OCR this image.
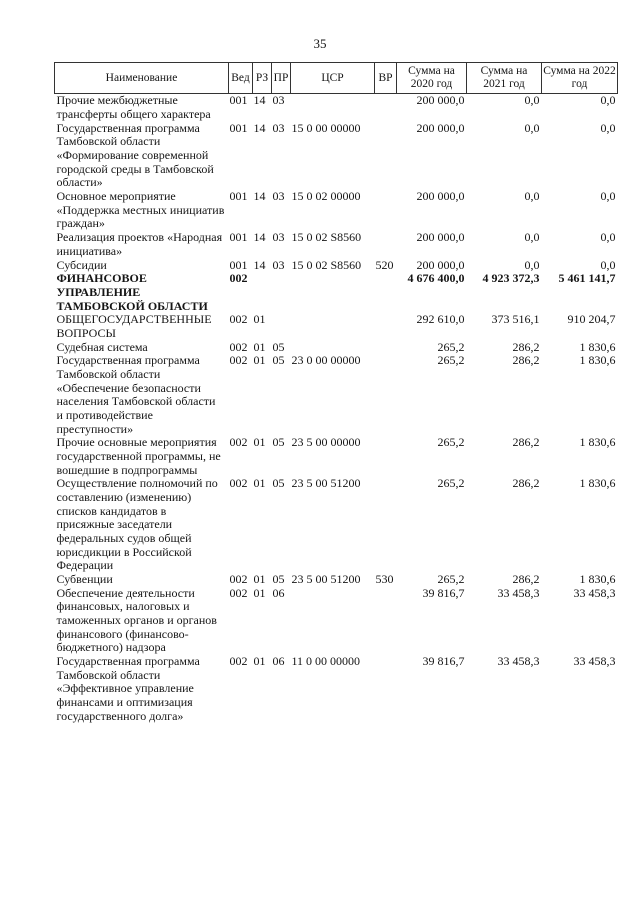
35
Наименование	Вед	РЗ	ПР	ЦСР	ВР	Сумма на 2020 год	Сумма на 2021 год	Сумма на 2022 год
Прочие межбюджетные трансферты общего характера	001	14	03			200 000,0	0,0	0,0
Государственная программа Тамбовской области «Формирование современной городской среды в Тамбовской области»	001	14	03	15 0 00 00000		200 000,0	0,0	0,0
Основное мероприятие «Поддержка местных инициатив граждан»	001	14	03	15 0 02 00000		200 000,0	0,0	0,0
Реализация проектов «Народная инициатива»	001	14	03	15 0 02 S8560		200 000,0	0,0	0,0
Субсидии	001	14	03	15 0 02 S8560	520	200 000,0	0,0	0,0
ФИНАНСОВОЕ УПРАВЛЕНИЕ ТАМБОВСКОЙ ОБЛАСТИ	002					4 676 400,0	4 923 372,3	5 461 141,7
ОБЩЕГОСУДАРСТВЕННЫЕ ВОПРОСЫ	002	01				292 610,0	373 516,1	910 204,7
Судебная система	002	01	05			265,2	286,2	1 830,6
Государственная программа Тамбовской области «Обеспечение безопасности населения Тамбовской области и противодействие преступности»	002	01	05	23 0 00 00000		265,2	286,2	1 830,6
Прочие основные мероприятия государственной программы, не вошедшие в подпрограммы	002	01	05	23 5 00 00000		265,2	286,2	1 830,6
Осуществление полномочий по составлению (изменению) списков кандидатов в присяжные заседатели федеральных судов общей юрисдикции в Российской Федерации	002	01	05	23 5 00 51200		265,2	286,2	1 830,6
Субвенции	002	01	05	23 5 00 51200	530	265,2	286,2	1 830,6
Обеспечение деятельности финансовых, налоговых и таможенных органов и органов финансового (финансово-бюджетного) надзора	002	01	06			39 816,7	33 458,3	33 458,3
Государственная программа Тамбовской области «Эффективное управление финансами и оптимизация государственного долга»	002	01	06	11 0 00 00000		39 816,7	33 458,3	33 458,3
